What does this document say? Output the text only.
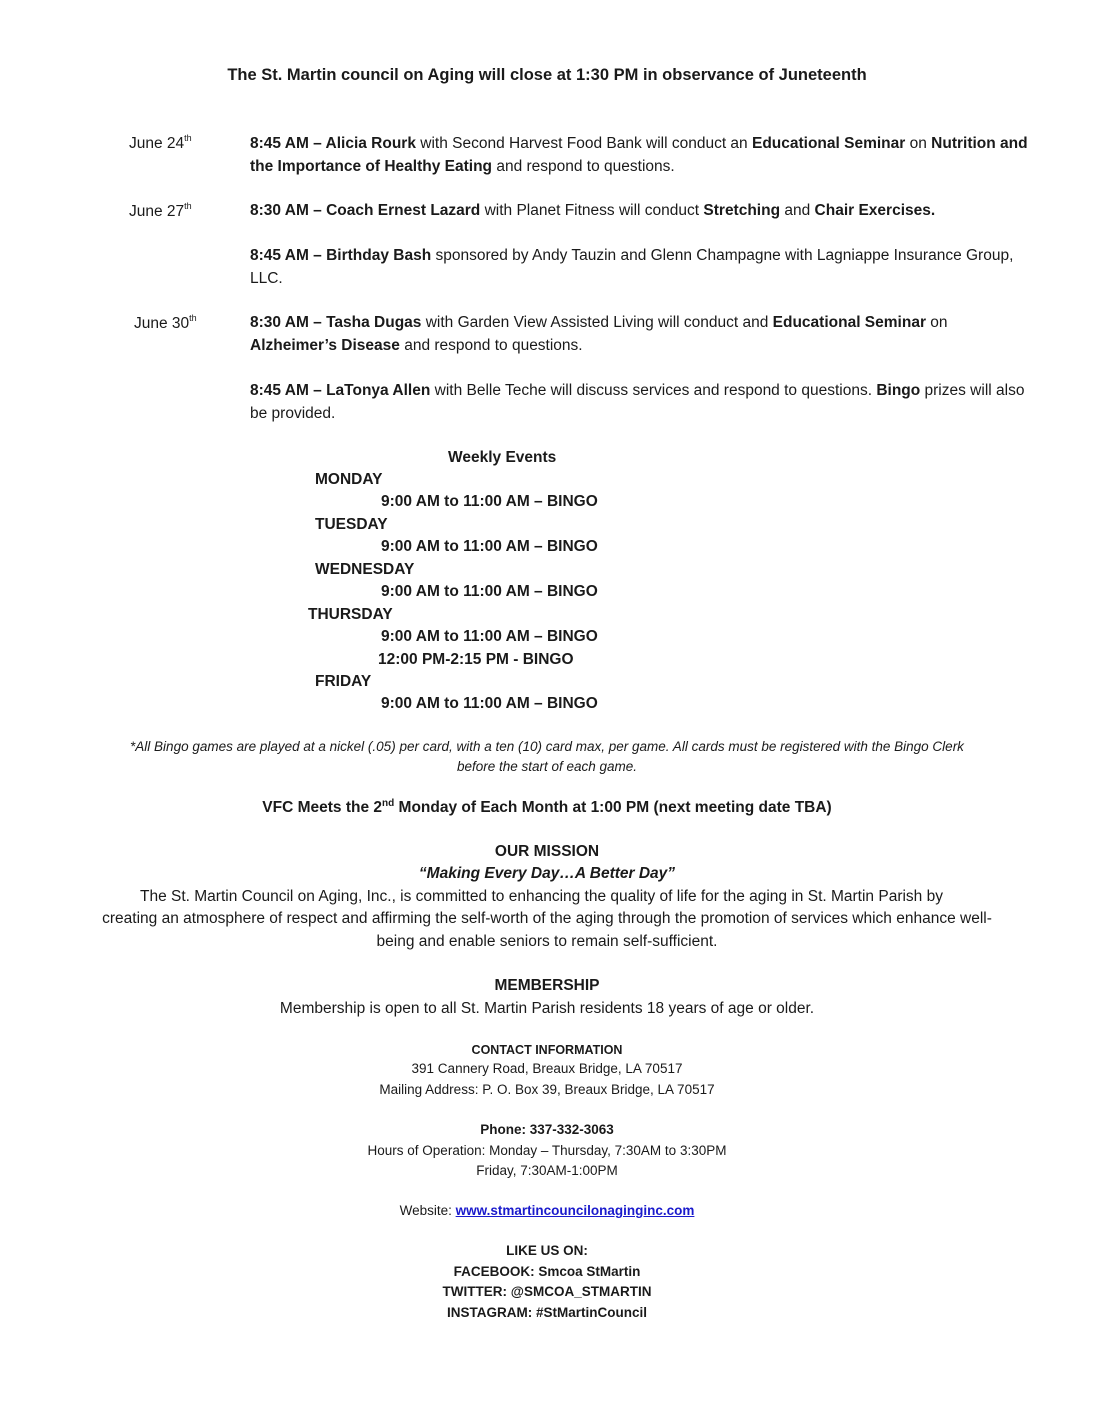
The St. Martin council on Aging will close at 1:30 PM in observance of Juneteenth
June 24th	8:45 AM – Alicia Rourk with Second Harvest Food Bank will conduct an Educational Seminar on Nutrition and the Importance of Healthy Eating and respond to questions.
June 27th	8:30 AM – Coach Ernest Lazard with Planet Fitness will conduct Stretching and Chair Exercises.
8:45 AM – Birthday Bash sponsored by Andy Tauzin and Glenn Champagne with Lagniappe Insurance Group, LLC.
June 30th	8:30 AM – Tasha Dugas with Garden View Assisted Living will conduct and Educational Seminar on Alzheimer’s Disease and respond to questions.
8:45 AM – LaTonya Allen with Belle Teche will discuss services and respond to questions. Bingo prizes will also be provided.
Weekly Events
MONDAY
9:00 AM to 11:00 AM – BINGO
TUESDAY
9:00 AM to 11:00 AM – BINGO
WEDNESDAY
9:00 AM to 11:00 AM – BINGO
THURSDAY
9:00 AM to 11:00 AM – BINGO
12:00 PM-2:15 PM - BINGO
FRIDAY
9:00 AM to 11:00 AM – BINGO
*All Bingo games are played at a nickel (.05) per card, with a ten (10) card max, per game. All cards must be registered with the Bingo Clerk
before the start of each game.
VFC Meets the 2nd Monday of Each Month at 1:00 PM (next meeting date TBA)
OUR MISSION
“Making Every Day…A Better Day”
The St. Martin Council on Aging, Inc., is committed to enhancing the quality of life for the aging in St. Martin Parish by
creating an atmosphere of respect and affirming the self-worth of the aging through the promotion of services which enhance well-
being and enable seniors to remain self-sufficient.
MEMBERSHIP
Membership is open to all St. Martin Parish residents 18 years of age or older.
CONTACT INFORMATION
391 Cannery Road, Breaux Bridge, LA 70517
Mailing Address: P. O. Box 39, Breaux Bridge, LA 70517
Phone: 337-332-3063
Hours of Operation: Monday – Thursday, 7:30AM to 3:30PM
Friday, 7:30AM-1:00PM
Website: www.stmartincouncilonaginginc.com
LIKE US ON:
FACEBOOK: Smcoa StMartin
TWITTER: @SMCOA_STMARTIN
INSTAGRAM: #StMartinCouncil
